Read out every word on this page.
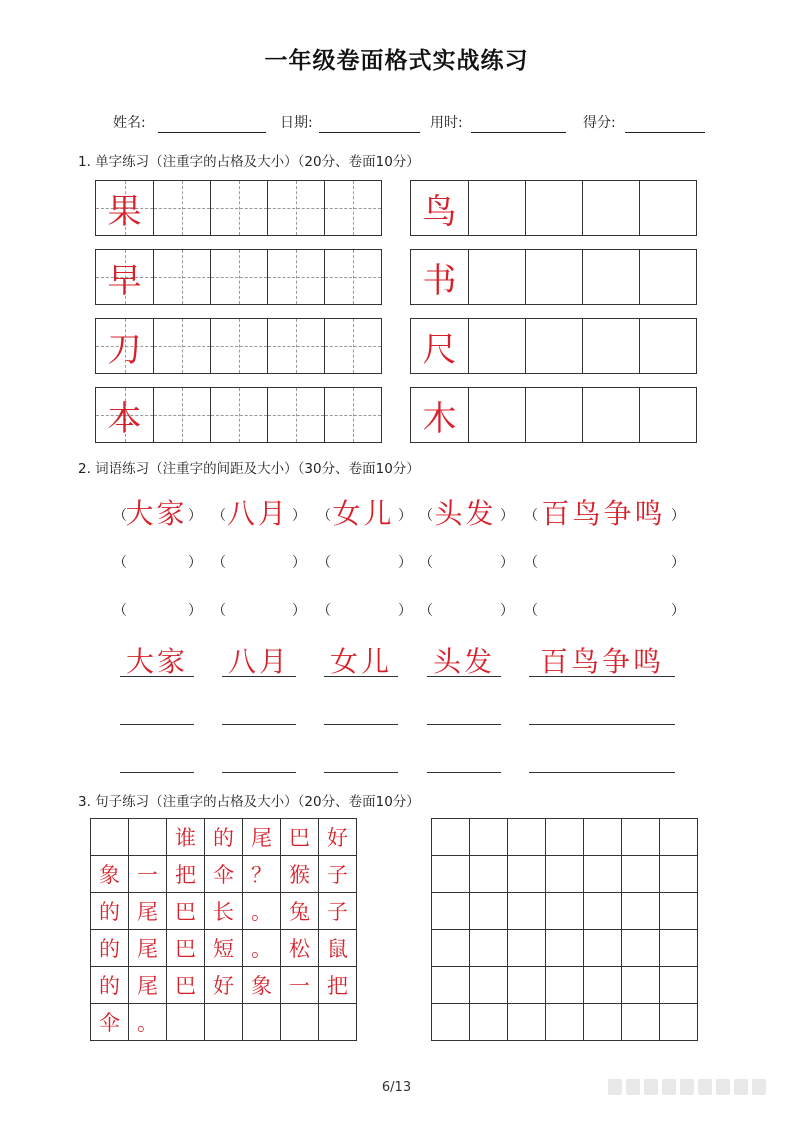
一年级卷面格式实战练习
姓名:	日期:	用时:	得分:
1. 单字练习（注重字的占格及大小）（20分、卷面10分）
果	鸟
早	书
刀	尺
本	木
2. 词语练习（注重字的间距及大小）（30分、卷面10分）
（	）
大家 （	）
八月	（	）
女儿	（	）
头发	（	）
百鸟争鸣
（	） （	） （	） （	） （	）
（	） （	） （	） （	） （	）
大家 八月 女儿 头发	百鸟争鸣
3. 句子练习（注重字的占格及大小）（20分、卷面10分）
		谁	的	尾	巴	好
象	一	把	伞	？	猴	子
的	尾	巴	长	。	兔	子
的	尾	巴	短	。	松	鼠
的	尾	巴	好	象	一	把
伞	。					

6/13
